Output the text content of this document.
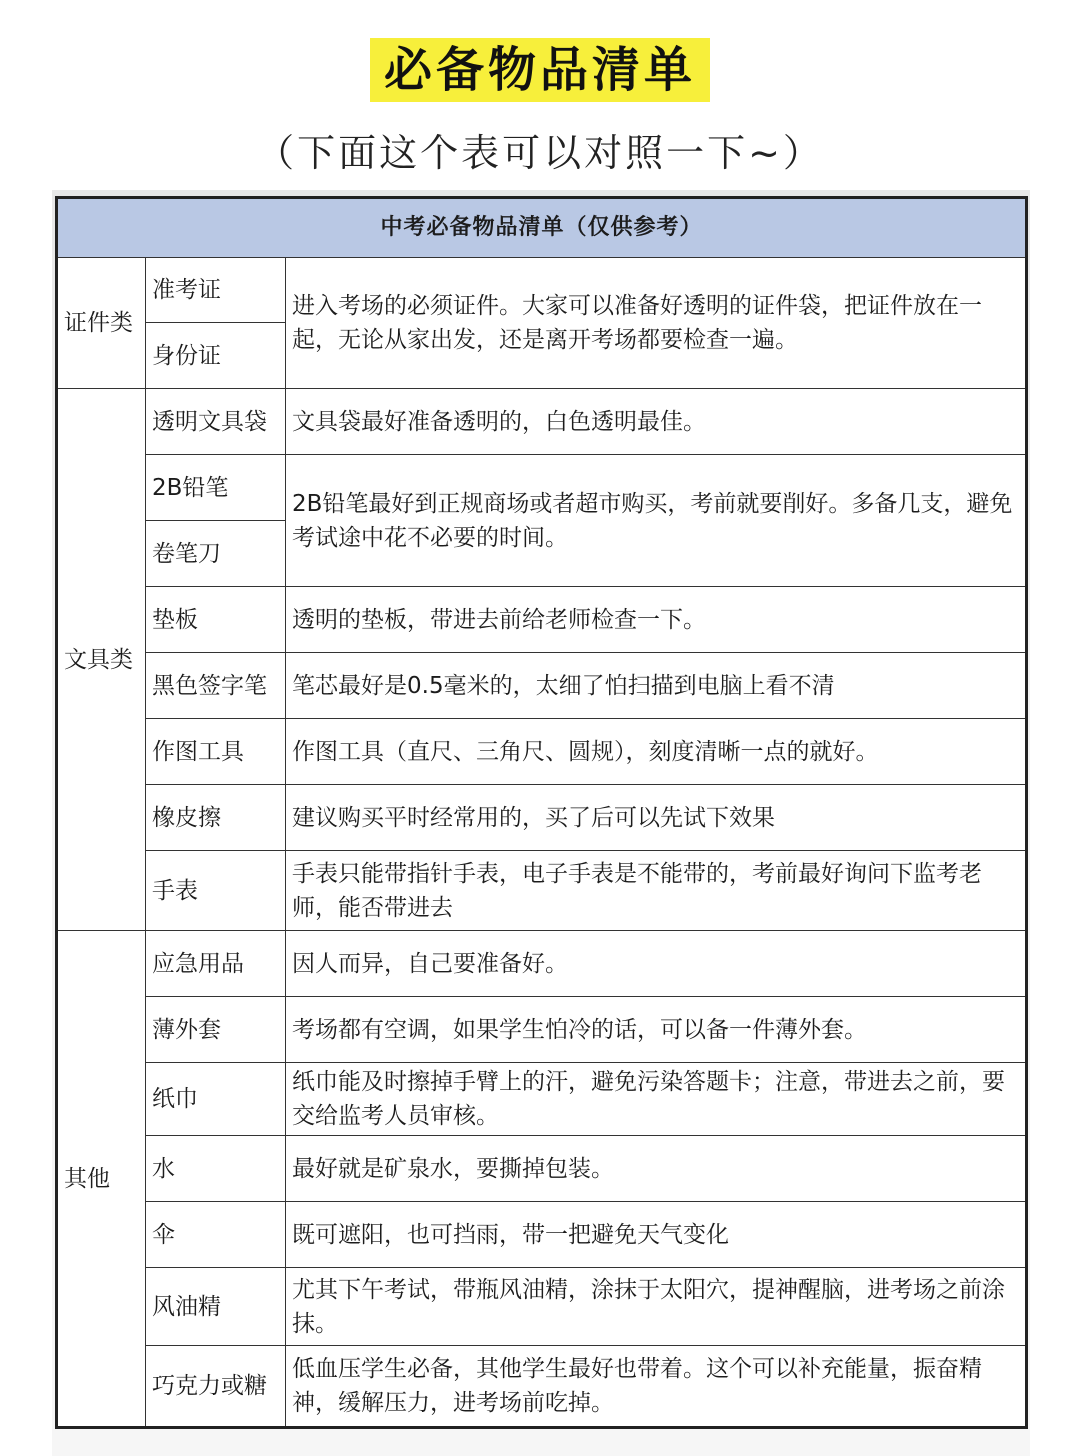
必备物品清单
（下面这个表可以对照一下~）
中考必备物品清单（仅供参考）		
证件类	准考证	进入考场的必须证件。大家可以准备好透明的证件袋，把证件放在一起，无论从家出发，还是离开考场都要检查一遍。
	身份证	
文具类	透明文具袋	文具袋最好准备透明的，白色透明最佳。
	2B铅笔	2B铅笔最好到正规商场或者超市购买，考前就要削好。多备几支，避免考试途中花不必要的时间。
	卷笔刀	
	垫板	透明的垫板，带进去前给老师检查一下。
	黑色签字笔	笔芯最好是0.5毫米的，太细了怕扫描到电脑上看不清
	作图工具	作图工具（直尺、三角尺、圆规），刻度清晰一点的就好。
	橡皮擦	建议购买平时经常用的，买了后可以先试下效果
	手表	手表只能带指针手表，电子手表是不能带的，考前最好询问下监考老师，能否带进去
其他	应急用品	因人而异，自己要准备好。
	薄外套	考场都有空调，如果学生怕冷的话，可以备一件薄外套。
	纸巾	纸巾能及时擦掉手臂上的汗，避免污染答题卡；注意，带进去之前，要交给监考人员审核。
	水	最好就是矿泉水，要撕掉包装。
	伞	既可遮阳，也可挡雨，带一把避免天气变化
	风油精	尤其下午考试，带瓶风油精，涂抹于太阳穴，提神醒脑，进考场之前涂抹。
	巧克力或糖	低血压学生必备，其他学生最好也带着。这个可以补充能量，振奋精神，缓解压力，进考场前吃掉。
